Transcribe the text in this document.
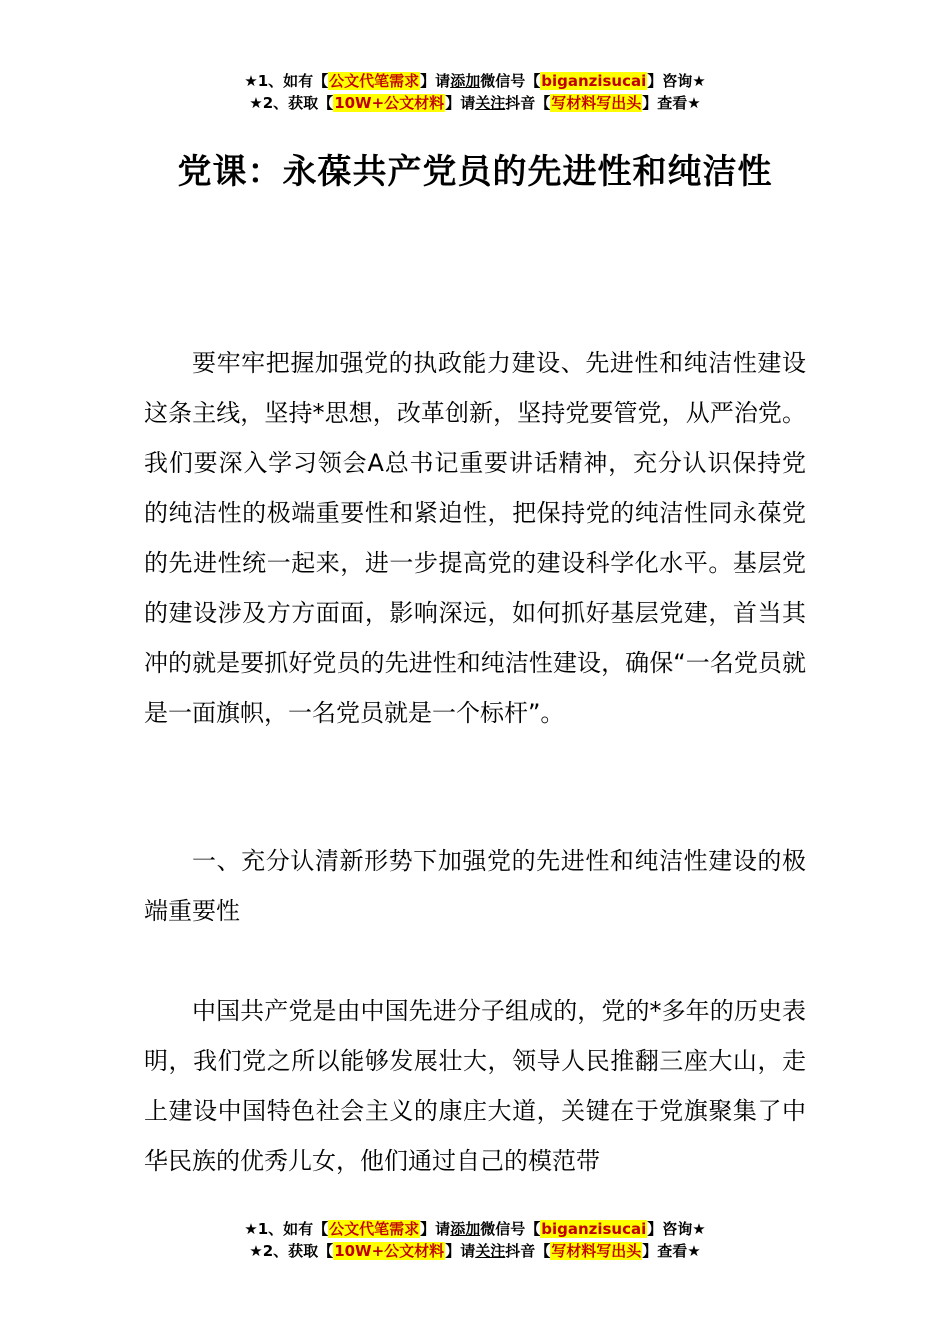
★1、如有【公文代笔需求】请添加微信号【biganzisucai】咨询★
★2、获取【10W+公文材料】请关注抖音【写材料写出头】查看★
党课：永葆共产党员的先进性和纯洁性

要牢牢把握加强党的执政能力建设、先进性和纯洁性建设这条主线，坚持*思想，改革创新，坚持党要管党，从严治党。我们要深入学习领会A总书记重要讲话精神，充分认识保持党的纯洁性的极端重要性和紧迫性，把保持党的纯洁性同永葆党的先进性统一起来，进一步提高党的建设科学化水平。基层党的建设涉及方方面面，影响深远，如何抓好基层党建，首当其冲的就是要抓好党员的先进性和纯洁性建设，确保“一名党员就是一面旗帜，一名党员就是一个标杆”。

一、充分认清新形势下加强党的先进性和纯洁性建设的极端重要性

中国共产党是由中国先进分子组成的，党的*多年的历史表明，我们党之所以能够发展壮大，领导人民推翻三座大山，走上建设中国特色社会主义的康庄大道，关键在于党旗聚集了中华民族的优秀儿女，他们通过自己的模范带

★1、如有【公文代笔需求】请添加微信号【biganzisucai】咨询★
★2、获取【10W+公文材料】请关注抖音【写材料写出头】查看★
